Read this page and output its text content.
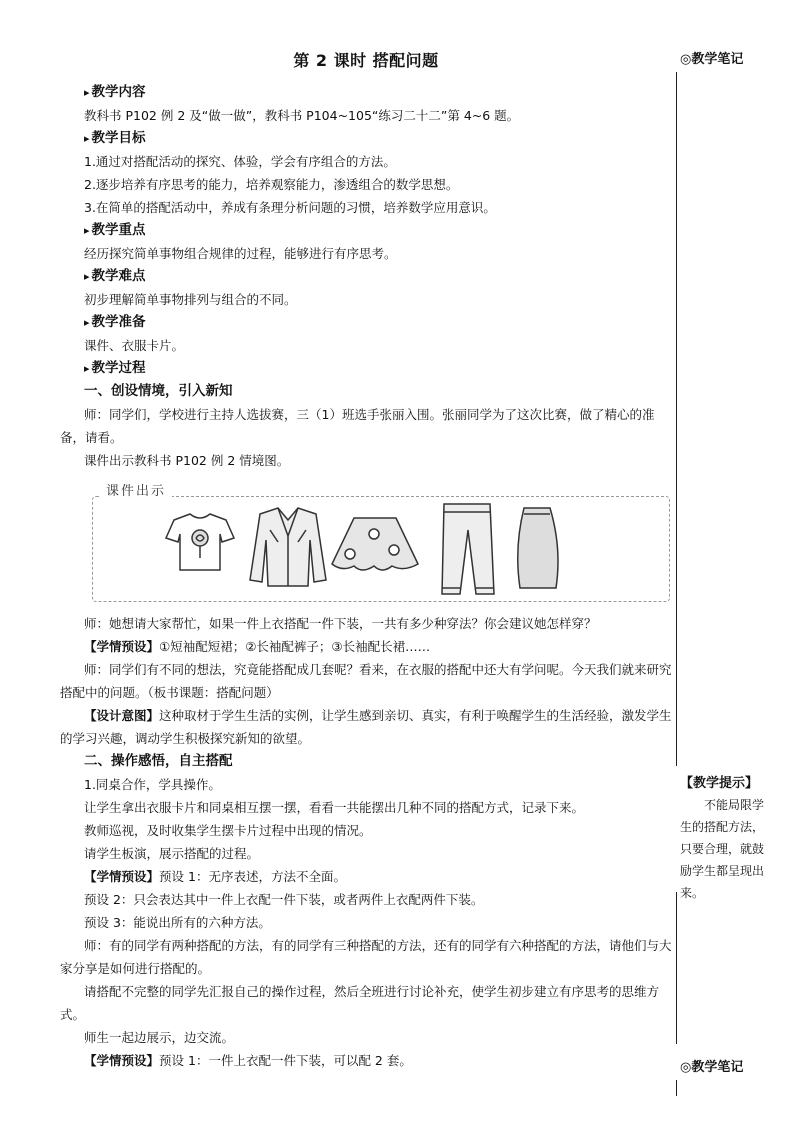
第 2 课时 搭配问题
▸ 教学内容

教科书 P102 例 2 及“做一做”，教科书 P104~105“练习二十二”第 4~6 题。

▸ 教学目标

1.通过对搭配活动的探究、体验，学会有序组合的方法。

2.逐步培养有序思考的能力，培养观察能力，渗透组合的数学思想。

3.在简单的搭配活动中，养成有条理分析问题的习惯，培养数学应用意识。

▸ 教学重点

经历探究简单事物组合规律的过程，能够进行有序思考。

▸ 教学难点

初步理解简单事物排列与组合的不同。

▸ 教学准备

课件、衣服卡片。

▸ 教学过程
一、创设情境，引入新知

师：同学们，学校进行主持人选拔赛，三（1）班选手张丽入围。张丽同学为了这次比赛，做了精心的准备，请看。

课件出示教科书 P102 例 2 情境图。

课件出示

师：她想请大家帮忙，如果一件上衣搭配一件下装，一共有多少种穿法？你会建议她怎样穿？

【学情预设】①短袖配短裙；②长袖配裤子；③长袖配长裙……

师：同学们有不同的想法，究竟能搭配成几套呢？看来，在衣服的搭配中还大有学问呢。今天我们就来研究搭配中的问题。（板书课题：搭配问题）

【设计意图】这种取材于学生生活的实例，让学生感到亲切、真实，有利于唤醒学生的生活经验，激发学生的学习兴趣，调动学生积极探究新知的欲望。

二、操作感悟，自主搭配

1.同桌合作，学具操作。

让学生拿出衣服卡片和同桌相互摆一摆，看看一共能摆出几种不同的搭配方式，记录下来。

教师巡视，及时收集学生摆卡片过程中出现的情况。

请学生板演，展示搭配的过程。

【学情预设】预设 1：无序表述，方法不全面。

预设 2：只会表达其中一件上衣配一件下装，或者两件上衣配两件下装。

预设 3：能说出所有的六种方法。

师：有的同学有两种搭配的方法，有的同学有三种搭配的方法，还有的同学有六种搭配的方法，请他们与大家分享是如何进行搭配的。

请搭配不完整的同学先汇报自己的操作过程，然后全班进行讨论补充，使学生初步建立有序思考的思维方式。

师生一起边展示，边交流。

【学情预设】预设 1：一件上衣配一件下装，可以配 2 套。

◎教学笔记
【教学提示】
不能局限学生的搭配方法，只要合理，就鼓励学生都呈现出来。
◎教学笔记
